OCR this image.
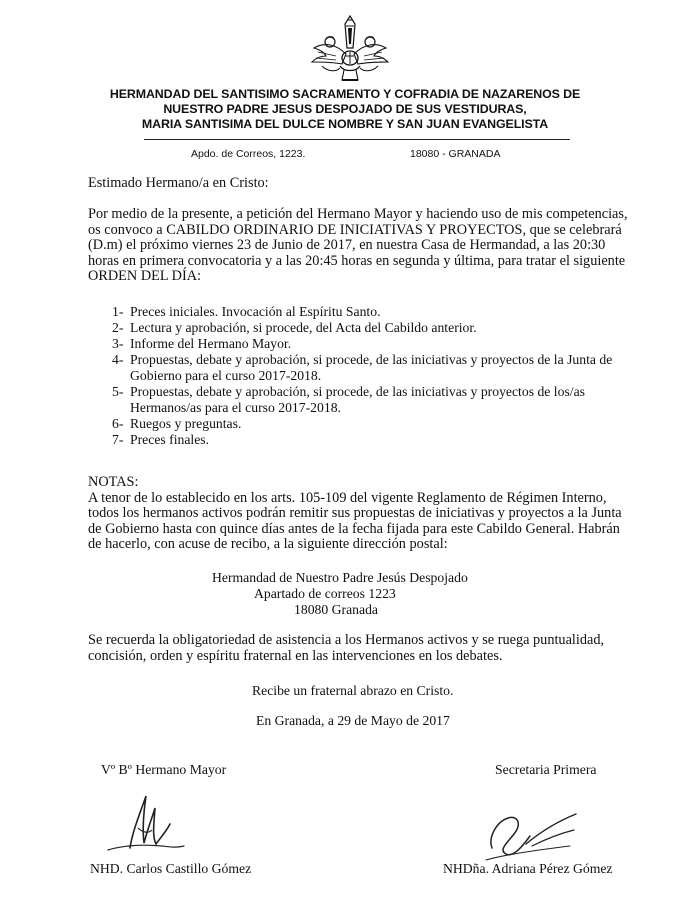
HERMANDAD DEL SANTISIMO SACRAMENTO Y COFRADIA DE NAZARENOS DE
NUESTRO PADRE JESUS DESPOJADO DE SUS VESTIDURAS,
MARIA SANTISIMA DEL DULCE NOMBRE Y SAN JUAN EVANGELISTA
Apdo. de Correos, 1223.	18080 - GRANADA
Estimado Hermano/a en Cristo:
Por medio de la presente, a petición del Hermano Mayor y haciendo uso de mis competencias,
os convoco a CABILDO ORDINARIO DE INICIATIVAS Y PROYECTOS, que se celebrará
(D.m) el próximo viernes 23 de Junio de 2017, en nuestra Casa de Hermandad, a las 20:30
horas en primera convocatoria y a las 20:45 horas en segunda y última, para tratar el siguiente
ORDEN DEL DÍA:
1- Preces iniciales. Invocación al Espíritu Santo.
2- Lectura y aprobación, si procede, del Acta del Cabildo anterior.
3- Informe del Hermano Mayor.
4- Propuestas, debate y aprobación, si procede, de las iniciativas y proyectos de la Junta de
Gobierno para el curso 2017-2018.
5- Propuestas, debate y aprobación, si procede, de las iniciativas y proyectos de los/as
Hermanos/as para el curso 2017-2018.
6- Ruegos y preguntas.
7- Preces finales.
NOTAS:
A tenor de lo establecido en los arts. 105-109 del vigente Reglamento de Régimen Interno,
todos los hermanos activos podrán remitir sus propuestas de iniciativas y proyectos a la Junta
de Gobierno hasta con quince días antes de la fecha fijada para este Cabildo General. Habrán
de hacerlo, con acuse de recibo, a la siguiente dirección postal:
Hermandad de Nuestro Padre Jesús Despojado
Apartado de correos 1223
18080 Granada
Se recuerda la obligatoriedad de asistencia a los Hermanos activos y se ruega puntualidad,
concisión, orden y espíritu fraternal en las intervenciones en los debates.
Recibe un fraternal abrazo en Cristo.
En Granada, a 29 de Mayo de 2017
Vº Bº Hermano Mayor	Secretaria Primera
NHD. Carlos Castillo Gómez	NHDña. Adriana Pérez Gómez
